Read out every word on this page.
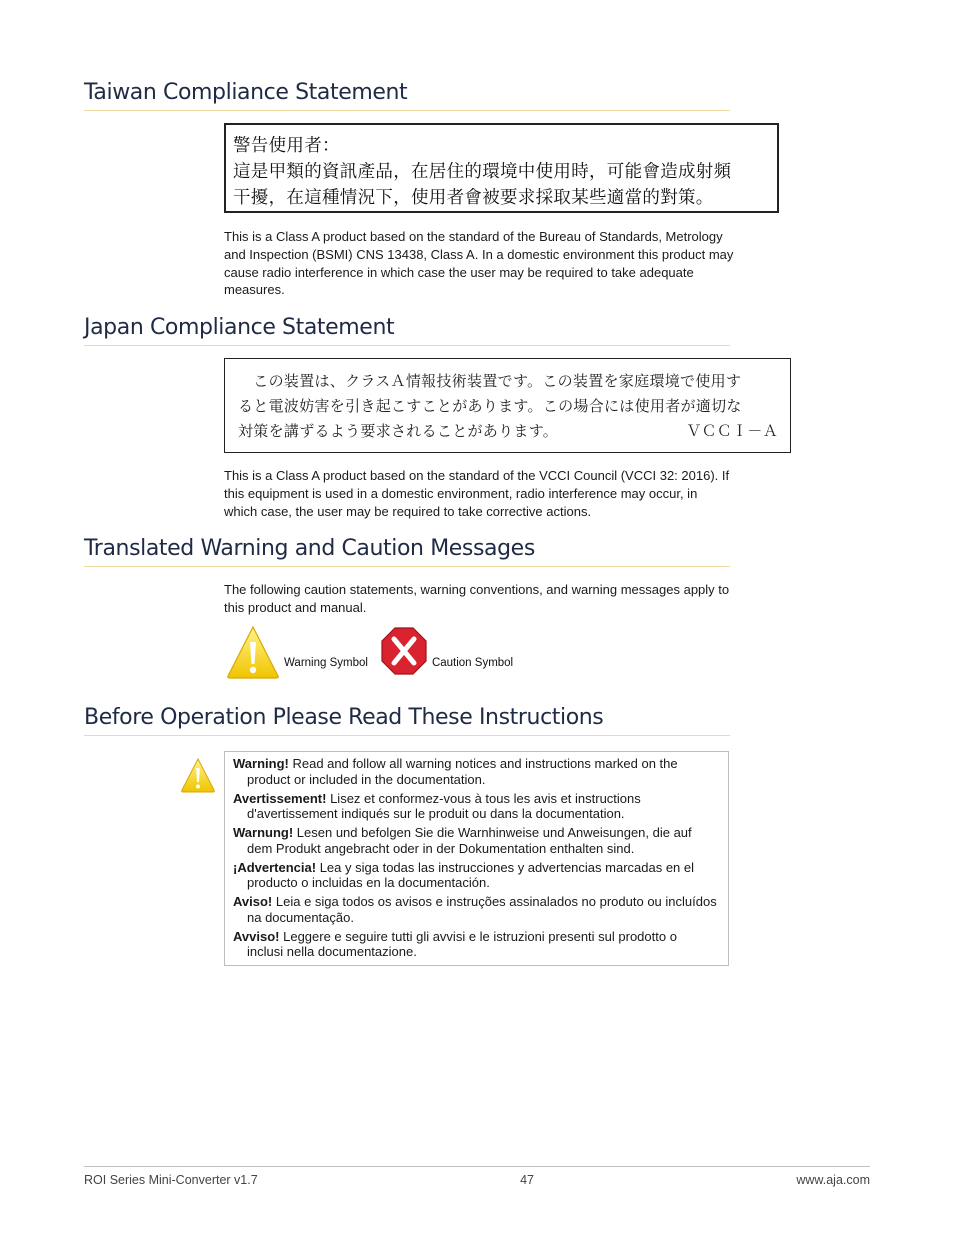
Taiwan Compliance Statement
警告使用者：
這是甲類的資訊產品，在居住的環境中使用時，可能會造成射頻
干擾，在這種情況下，使用者會被要求採取某些適當的對策。

This is a Class A product based on the standard of the Bureau of Standards, Metrology and Inspection (BSMI) CNS 13438, Class A. In a domestic environment this product may cause radio interference in which case the user may be required to take adequate measures.

Japan Compliance Statement
　この装置は、クラスＡ情報技術装置です。この装置を家庭環境で使用す
ると電波妨害を引き起こすことがあります。この場合には使用者が適切な
対策を講ずるよう要求されることがあります。	ＶＣＣＩ－Ａ

This is a Class A product based on the standard of the VCCI Council (VCCI 32: 2016). If this equipment is used in a domestic environment, radio interference may occur, in which case, the user may be required to take corrective actions.

Translated Warning and Caution Messages

The following caution statements, warning conventions, and warning messages apply to this product and manual.

Warning Symbol	Caution Symbol
Before Operation Please Read These Instructions
Warning! Read and follow all warning notices and instructions marked on the
product or included in the documentation.
Avertissement! Lisez et conformez-vous à tous les avis et instructions
d'avertissement indiqués sur le produit ou dans la documentation.
Warnung! Lesen und befolgen Sie die Warnhinweise und Anweisungen, die auf
dem Produkt angebracht oder in der Dokumentation enthalten sind.
¡Advertencia! Lea y siga todas las instrucciones y advertencias marcadas en el
producto o incluidas en la documentación.
Aviso! Leia e siga todos os avisos e instruções assinalados no produto ou incluídos
na documentação.
Avviso! Leggere e seguire tutti gli avvisi e le istruzioni presenti sul prodotto o
inclusi nella documentazione.
ROI Series Mini-Converter v1.7	47	www.aja.com
